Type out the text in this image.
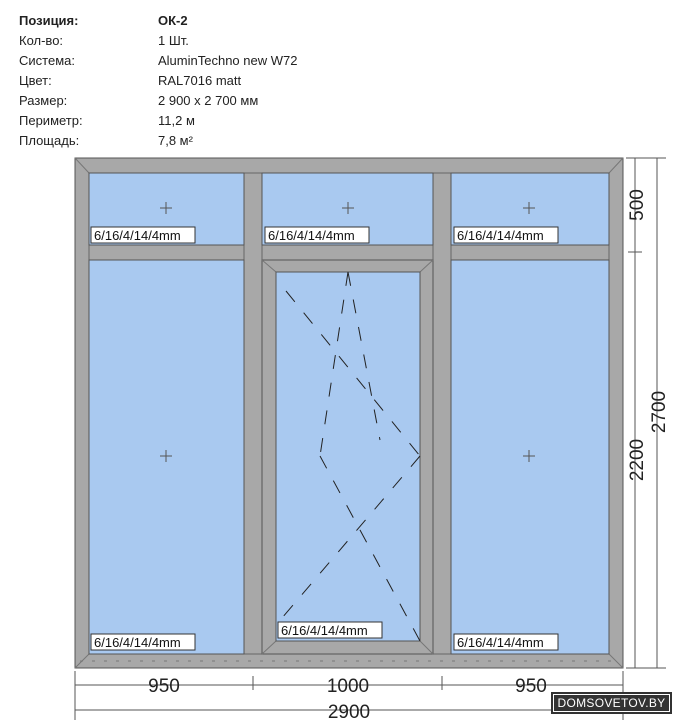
Позиция:	ОК-2
Кол-во:	1 Шт.
Система:	AluminTechno new W72
Цвет:	RAL7016 matt
Размер:	2 900 x 2 700 мм
Периметр:	11,2 м
Площадь:	7,8 м²
6/16/4/14/4mm	6/16/4/14/4mm	6/16/4/14/4mm
6/16/4/14/4mm
6/16/4/14/4mm
6/16/4/14/4mm
950	1000	950
2900
500
2200
2700
DOMSOVETOV.BY
